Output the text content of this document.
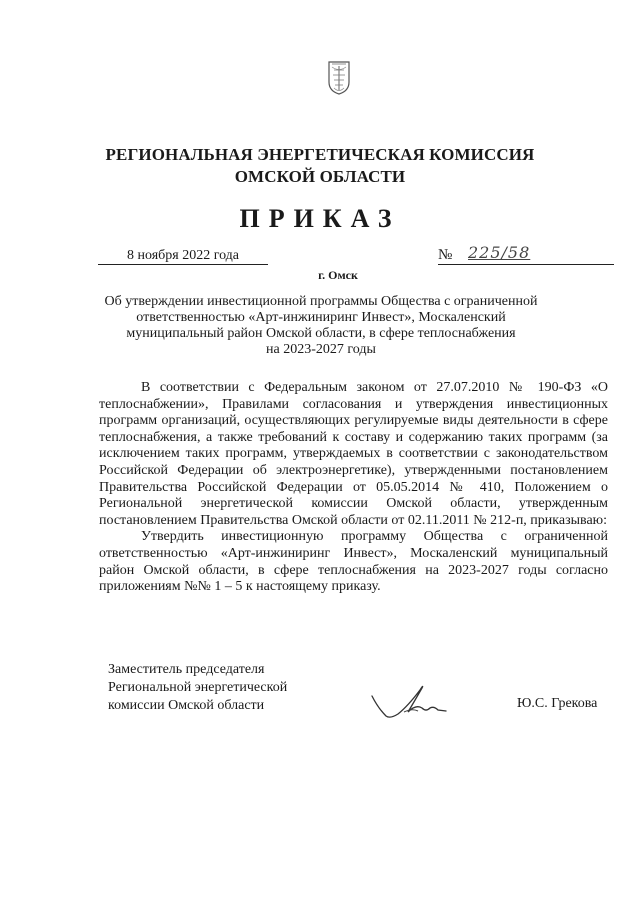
РЕГИОНАЛЬНАЯ ЭНЕРГЕТИЧЕСКАЯ КОМИССИЯ
ОМСКОЙ ОБЛАСТИ
ПРИКАЗ
8 ноября 2022 года	№ 225/58
г. Омск
Об утверждении инвестиционной программы Общества с ограниченной
ответственностью «Арт-инжиниринг Инвест», Москаленский
муниципальный район Омской области, в сфере теплоснабжения
на 2023-2027 годы

В соответствии с Федеральным законом от 27.07.2010 № 190-ФЗ «О теплоснабжении», Правилами согласования и утверждения инвестиционных программ организаций, осуществляющих регулируемые виды деятельности в сфере теплоснабжения, а также требований к составу и содержанию таких программ (за исключением таких программ, утверждаемых в соответствии с законодательством Российской Федерации об электроэнергетике), утвержденными постановлением Правительства Российской Федерации от 05.05.2014 № 410, Положением о Региональной энергетической комиссии Омской области, утвержденным постановлением Правительства Омской области от 02.11.2011 № 212-п, приказываю:

Утвердить инвестиционную программу Общества с ограниченной ответственностью «Арт-инжиниринг Инвест», Москаленский муниципальный район Омской области, в сфере теплоснабжения на 2023-2027 годы согласно приложениям №№ 1 – 5 к настоящему приказу.

Заместитель председателя
Региональной энергетической
комиссии Омской области	Ю.С. Грекова
